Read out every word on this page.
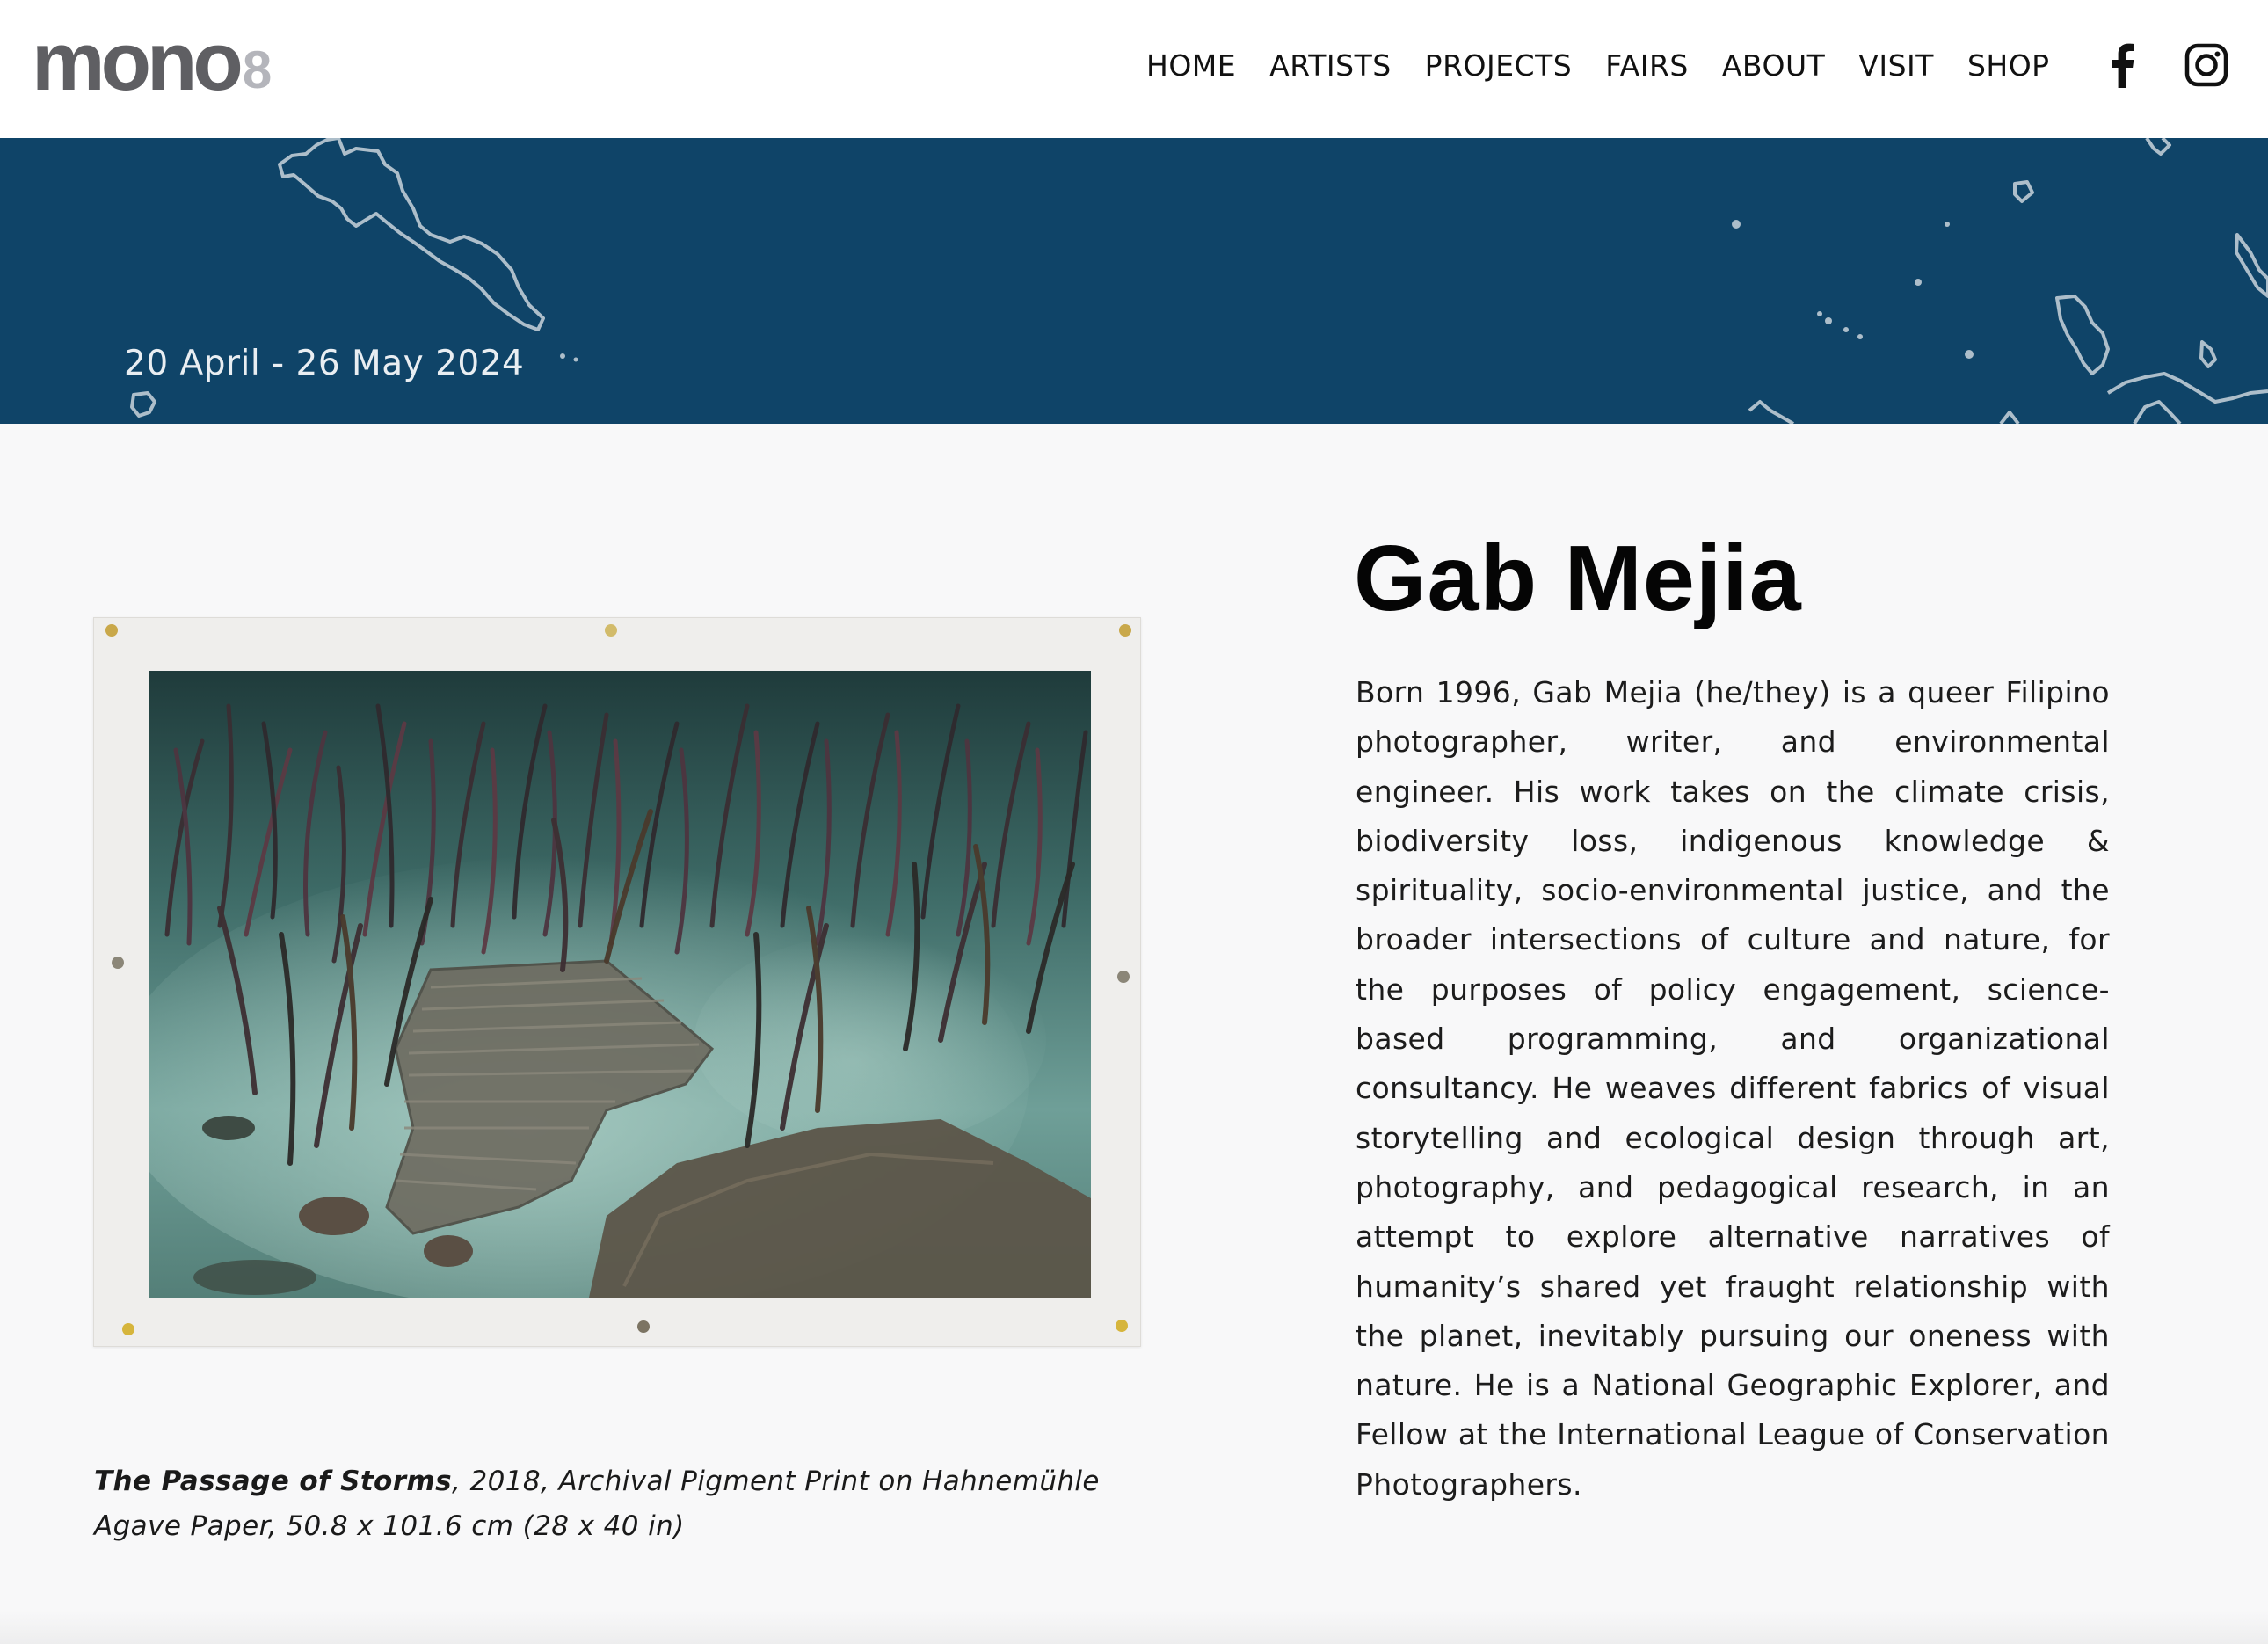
mono8	HOME ARTISTS PROJECTS FAIRS ABOUT VISIT SHOP
20 April - 26 May 2024
The Passage of Storms, 2018, Archival Pigment Print on Hahnemühle Agave Paper, 50.8 x 101.6 cm (28 x 40 in)
Gab Mejia

Born 1996, Gab Mejia (he/they) is a queer Filipino photographer, writer, and environmental engineer. His work takes on the climate crisis, biodiversity loss, indigenous knowledge & spirituality, socio-environmental justice, and the broader intersections of culture and nature, for the purposes of policy engagement, science-based programming, and organizational consultancy. He weaves different fabrics of visual storytelling and ecological design through art, photography, and pedagogical research, in an attempt to explore alternative narratives of humanity’s shared yet fraught relationship with the planet, inevitably pursuing our oneness with nature. He is a National Geographic Explorer, and Fellow at the International League of Conservation Photographers.
